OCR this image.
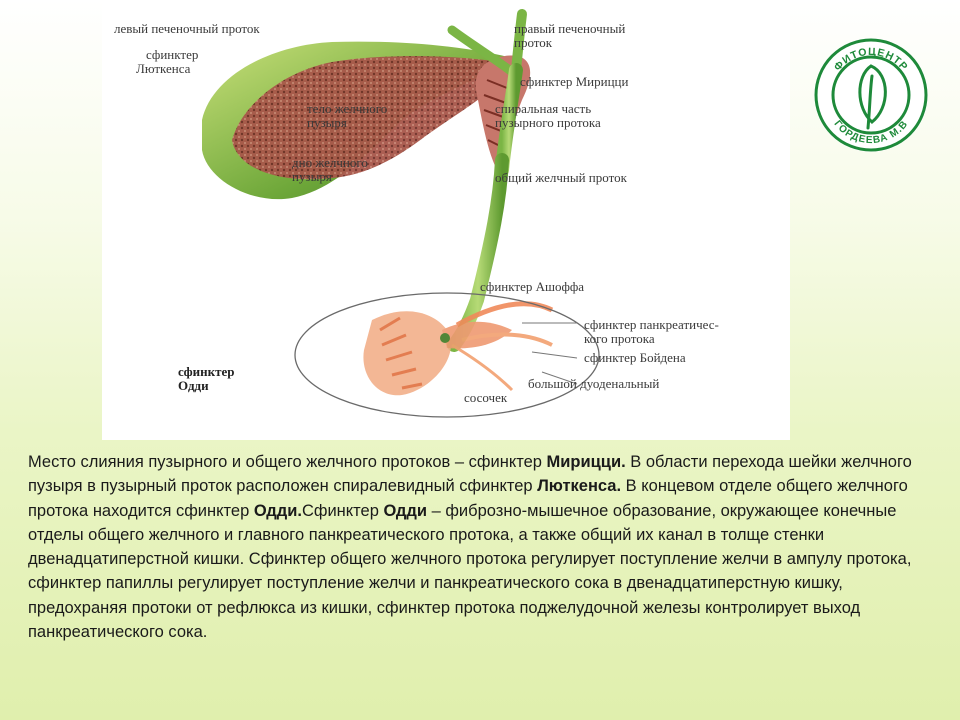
левый печеночный проток	правый печеночный
проток
сфинктер
Люткенса
сфинктер Мирицци
тело желчного
пузыря
спиральная часть
пузырного протока
дно желчного
пузыря	общий желчный проток
сфинктер Ашоффа
сфинктер панкреатичес-
кого протока
сфинктер Бойдена
сфинктер
Одди	большой дуоденальный
сосочек
ФИТОЦЕНТР
ГОРДЕЕВА М.В
Место слияния пузырного и общего желчного протоков – сфинктер Мирицци. В области перехода шейки желчного пузыря в пузырный проток расположен спиралевидный сфинктер Люткенса. В концевом отделе общего желчного протока находится сфинктер Одди.Сфинктер Одди – фиброзно-мышечное образование, окружающее конечные отделы общего желчного и главного панкреатического протока, а также общий их канал в толще стенки двенадцатиперстной кишки. Сфинктер общего желчного протока регулирует поступление желчи в ампулу протока, сфинктер папиллы регулирует поступление желчи и панкреатического сока в двенадцатиперстную кишку, предохраняя протоки от рефлюкса из кишки, сфинктер протока поджелудочной железы контролирует выход панкреатического сока.
